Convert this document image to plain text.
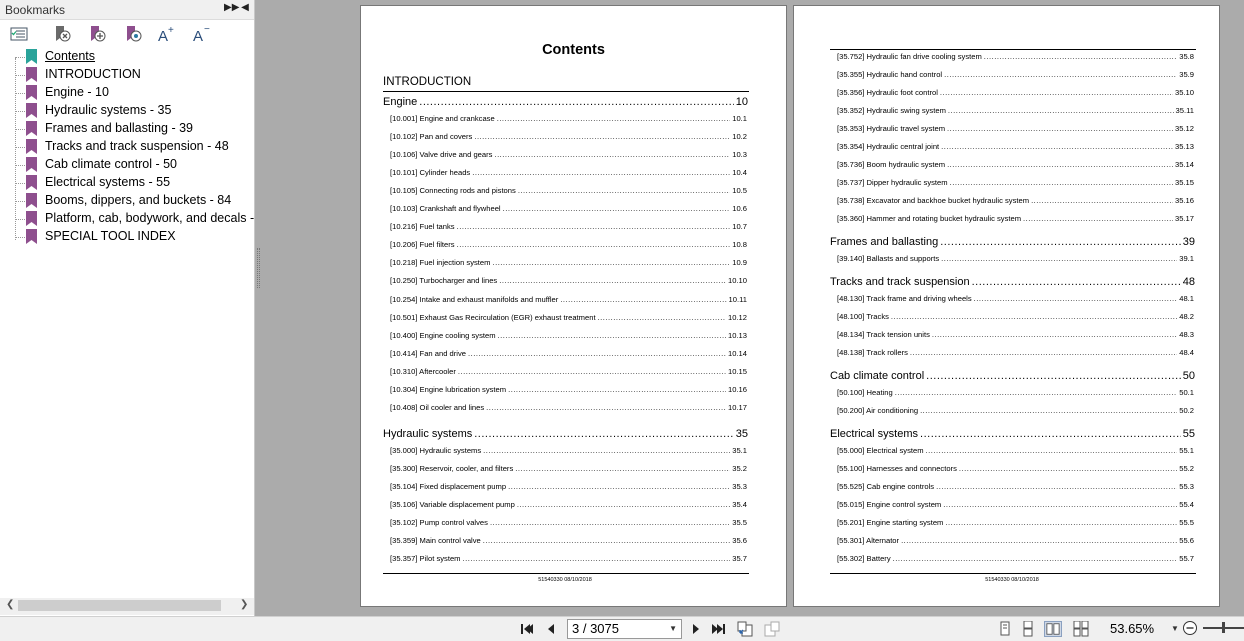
Bookmarks	▶▶ ◀
A + A −
Contents
INTRODUCTION
Engine - 10
Hydraulic systems - 35
Frames and ballasting - 39
Tracks and track suspension - 48
Cab climate control - 50
Electrical systems - 55
Booms, dippers, and buckets - 84
Platform, cab, bodywork, and decals -
SPECIAL TOOL INDEX
❮	❯
Contents
INTRODUCTION
Engine .....	10
[10.001] Engine and crankcase .....	10.1
[10.102] Pan and covers .....	10.2
[10.106] Valve drive and gears .....	10.3
[10.101] Cylinder heads .....	10.4
[10.105] Connecting rods and pistons .....	10.5
[10.103] Crankshaft and flywheel .....	10.6
[10.216] Fuel tanks .....	10.7
[10.206] Fuel filters .....	10.8
[10.218] Fuel injection system .....	10.9
[10.250] Turbocharger and lines .....	10.10
[10.254] Intake and exhaust manifolds and muffler .....	10.11
[10.501] Exhaust Gas Recirculation (EGR) exhaust treatment .....	10.12
[10.400] Engine cooling system .....	10.13
[10.414] Fan and drive .....	10.14
[10.310] Aftercooler .....	10.15
[10.304] Engine lubrication system .....	10.16
[10.408] Oil cooler and lines .....	10.17
Hydraulic systems .....	35
[35.000] Hydraulic systems .....	35.1
[35.300] Reservoir, cooler, and filters .....	35.2
[35.104] Fixed displacement pump .....	35.3
[35.106] Variable displacement pump .....	35.4
[35.102] Pump control valves .....	35.5
[35.359] Main control valve .....	35.6
[35.357] Pilot system .....	35.7
51540330 08/10/2018
[35.752] Hydraulic fan drive cooling system .....	35.8
[35.355] Hydraulic hand control .....	35.9
[35.356] Hydraulic foot control .....	35.10
[35.352] Hydraulic swing system .....	35.11
[35.353] Hydraulic travel system .....	35.12
[35.354] Hydraulic central joint .....	35.13
[35.736] Boom hydraulic system .....	35.14
[35.737] Dipper hydraulic system .....	35.15
[35.738] Excavator and backhoe bucket hydraulic system .....	35.16
[35.360] Hammer and rotating bucket hydraulic system .....	35.17
Frames and ballasting .....	39
[39.140] Ballasts and supports .....	39.1
Tracks and track suspension .....	48
[48.130] Track frame and driving wheels .....	48.1
[48.100] Tracks .....	48.2
[48.134] Track tension units .....	48.3
[48.138] Track rollers .....	48.4
Cab climate control .....	50
[50.100] Heating .....	50.1
[50.200] Air conditioning .....	50.2
Electrical systems .....	55
[55.000] Electrical system .....	55.1
[55.100] Harnesses and connectors .....	55.2
[55.525] Cab engine controls .....	55.3
[55.015] Engine control system .....	55.4
[55.201] Engine starting system .....	55.5
[55.301] Alternator .....	55.6
[55.302] Battery .....	55.7
51540330 08/10/2018
3 / 3075	▼	53.65% ▼
